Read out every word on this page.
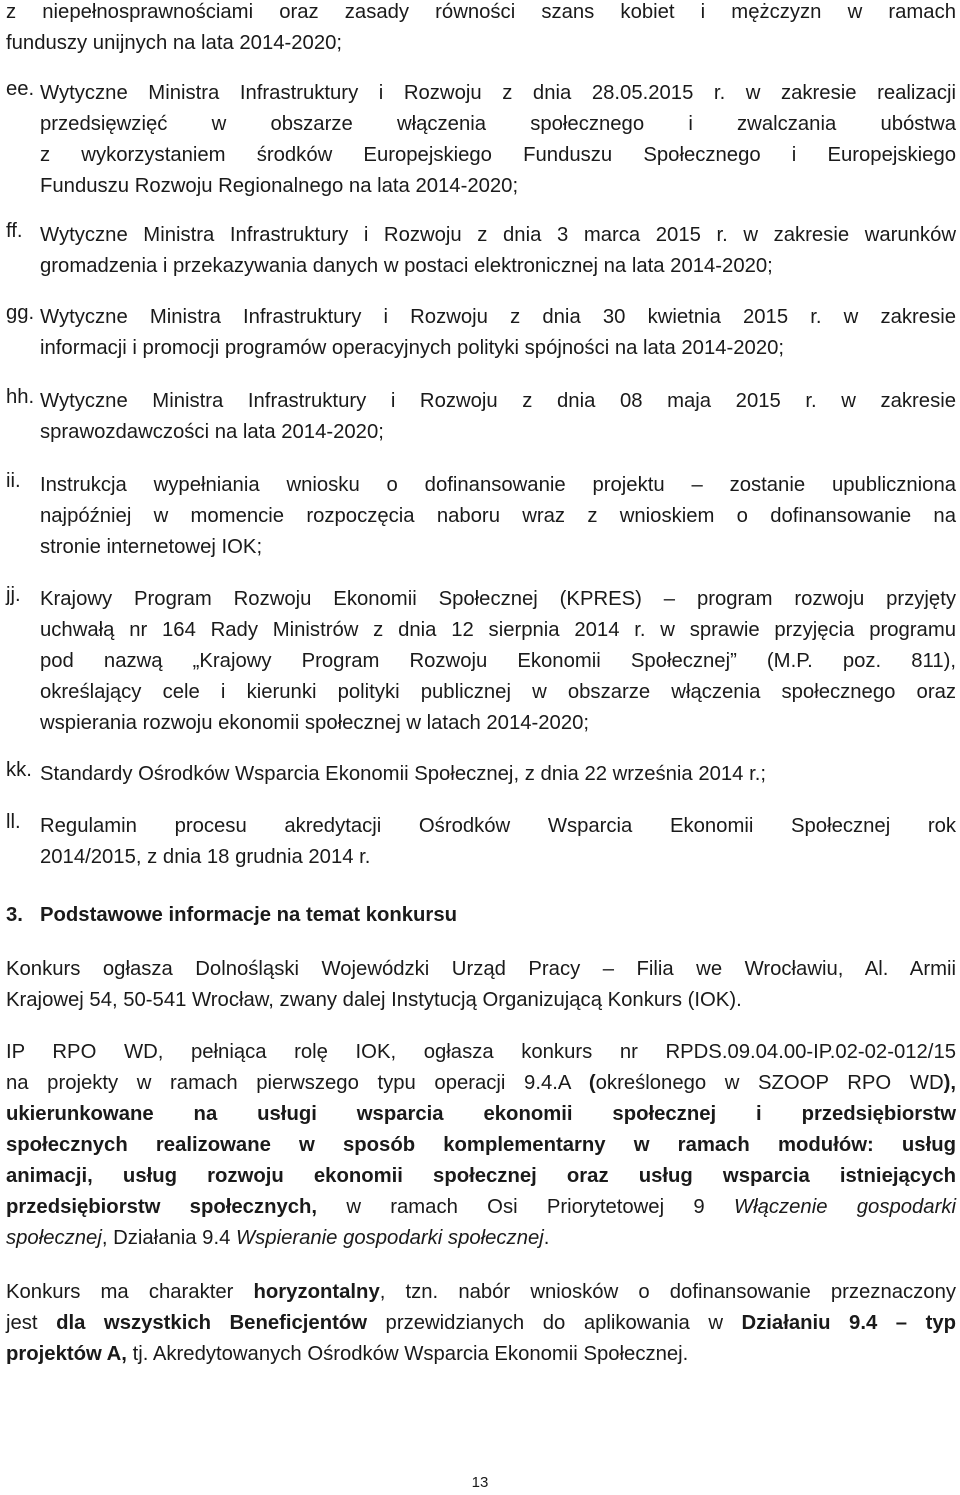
z niepełnosprawnościami oraz zasady równości szans kobiet i mężczyzn w ramach
funduszy unijnych na lata 2014-2020;
ee. Wytyczne Ministra Infrastruktury i Rozwoju z dnia 28.05.2015 r. w zakresie realizacji
przedsięwzięć w obszarze włączenia społecznego i zwalczania ubóstwa
z wykorzystaniem środków Europejskiego Funduszu Społecznego i Europejskiego
Funduszu Rozwoju Regionalnego na lata 2014-2020;
ff. Wytyczne Ministra Infrastruktury i Rozwoju z dnia 3 marca 2015 r. w zakresie warunków
gromadzenia i przekazywania danych w postaci elektronicznej na lata 2014-2020;
gg. Wytyczne Ministra Infrastruktury i Rozwoju z dnia 30 kwietnia 2015 r. w zakresie
informacji i promocji programów operacyjnych polityki spójności na lata 2014-2020;
hh. Wytyczne Ministra Infrastruktury i Rozwoju z dnia 08 maja 2015 r. w zakresie
sprawozdawczości na lata 2014-2020;
ii. Instrukcja wypełniania wniosku o dofinansowanie projektu – zostanie upubliczniona
najpóźniej w momencie rozpoczęcia naboru wraz z wnioskiem o dofinansowanie na
stronie internetowej IOK;
jj. Krajowy Program Rozwoju Ekonomii Społecznej (KPRES) – program rozwoju przyjęty
uchwałą nr 164 Rady Ministrów z dnia 12 sierpnia 2014 r. w sprawie przyjęcia programu
pod nazwą „Krajowy Program Rozwoju Ekonomii Społecznej” (M.P. poz. 811),
określający cele i kierunki polityki publicznej w obszarze włączenia społecznego oraz
wspierania rozwoju ekonomii społecznej w latach 2014-2020;
kk. Standardy Ośrodków Wsparcia Ekonomii Społecznej, z dnia 22 września 2014 r.;
ll. Regulamin procesu akredytacji Ośrodków Wsparcia Ekonomii Społecznej rok
2014/2015, z dnia 18 grudnia 2014 r.
3. Podstawowe informacje na temat konkursu
Konkurs ogłasza Dolnośląski Wojewódzki Urząd Pracy – Filia we Wrocławiu, Al. Armii
Krajowej 54, 50-541 Wrocław, zwany dalej Instytucją Organizującą Konkurs (IOK).
IP RPO WD, pełniąca rolę IOK, ogłasza konkurs nr RPDS.09.04.00-IP.02-02-012/15
na projekty w ramach pierwszego typu operacji 9.4.A (określonego w SZOOP RPO WD),
ukierunkowane na usługi wsparcia ekonomii społecznej i przedsiębiorstw
społecznych realizowane w sposób komplementarny w ramach modułów: usług
animacji, usług rozwoju ekonomii społecznej oraz usług wsparcia istniejących
przedsiębiorstw społecznych, w ramach Osi Priorytetowej 9 Włączenie gospodarki
społecznej, Działania 9.4 Wspieranie gospodarki społecznej.
Konkurs ma charakter horyzontalny, tzn. nabór wniosków o dofinansowanie przeznaczony
jest dla wszystkich Beneficjentów przewidzianych do aplikowania w Działaniu 9.4 – typ
projektów A, tj. Akredytowanych Ośrodków Wsparcia Ekonomii Społecznej.
13
